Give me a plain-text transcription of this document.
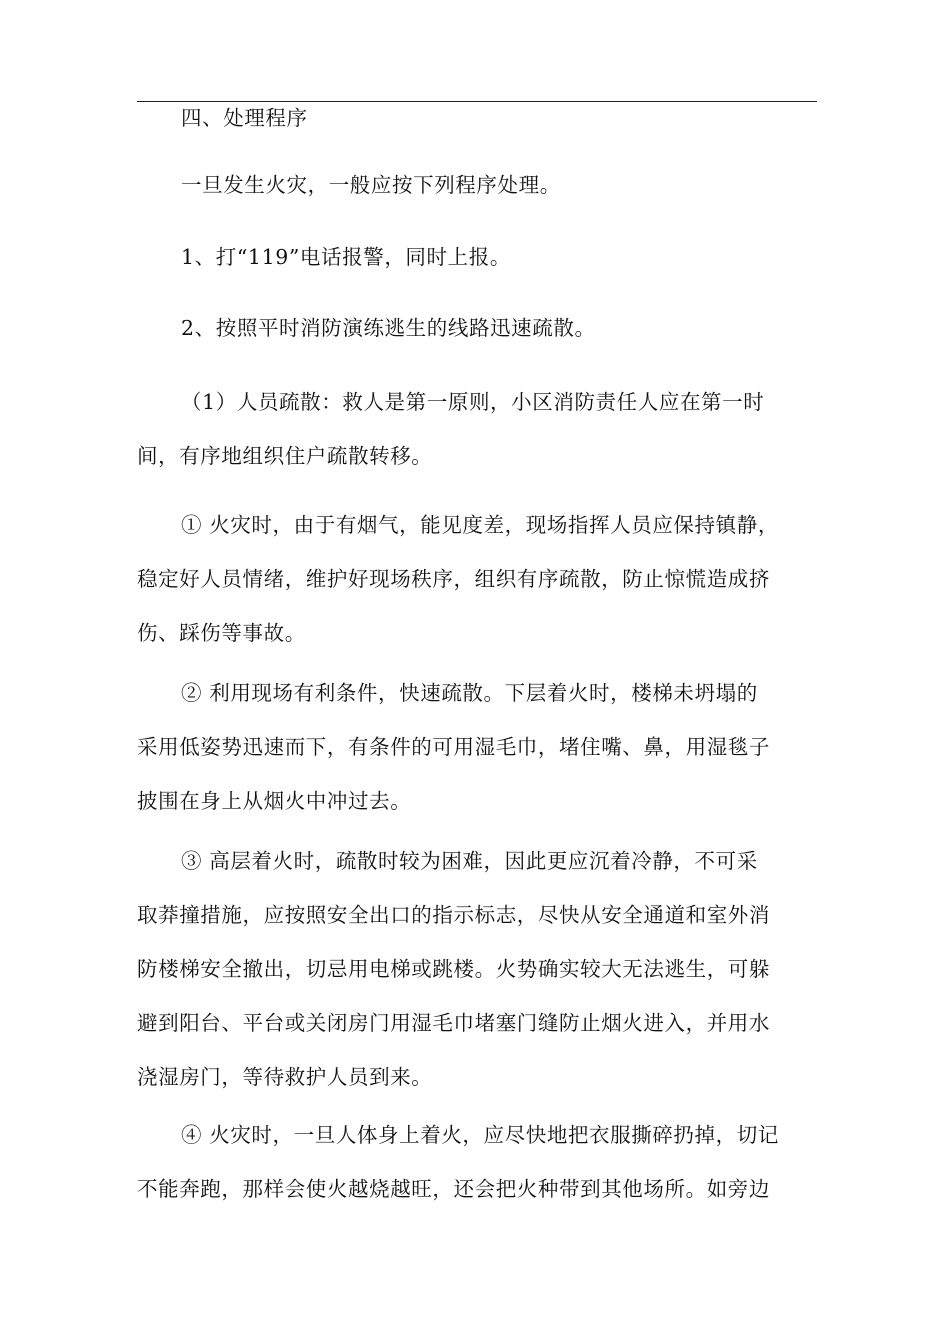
四、处理程序

一旦发生火灾，一般应按下列程序处理。

1、打“119”电话报警，同时上报。

2、按照平时消防演练逃生的线路迅速疏散。

（1）人员疏散：救人是第一原则，小区消防责任人应在第一时
间，有序地组织住户疏散转移。

① 火灾时，由于有烟气，能见度差，现场指挥人员应保持镇静，
稳定好人员情绪，维护好现场秩序，组织有序疏散，防止惊慌造成挤
伤、踩伤等事故。

② 利用现场有利条件，快速疏散。下层着火时，楼梯未坍塌的
采用低姿势迅速而下，有条件的可用湿毛巾，堵住嘴、鼻，用湿毯子
披围在身上从烟火中冲过去。

③ 高层着火时，疏散时较为困难，因此更应沉着冷静，不可采
取莽撞措施，应按照安全出口的指示标志，尽快从安全通道和室外消
防楼梯安全撤出，切忌用电梯或跳楼。火势确实较大无法逃生，可躲
避到阳台、平台或关闭房门用湿毛巾堵塞门缝防止烟火进入，并用水
浇湿房门，等待救护人员到来。

④ 火灾时，一旦人体身上着火，应尽快地把衣服撕碎扔掉，切记
不能奔跑，那样会使火越烧越旺，还会把火种带到其他场所。如旁边
